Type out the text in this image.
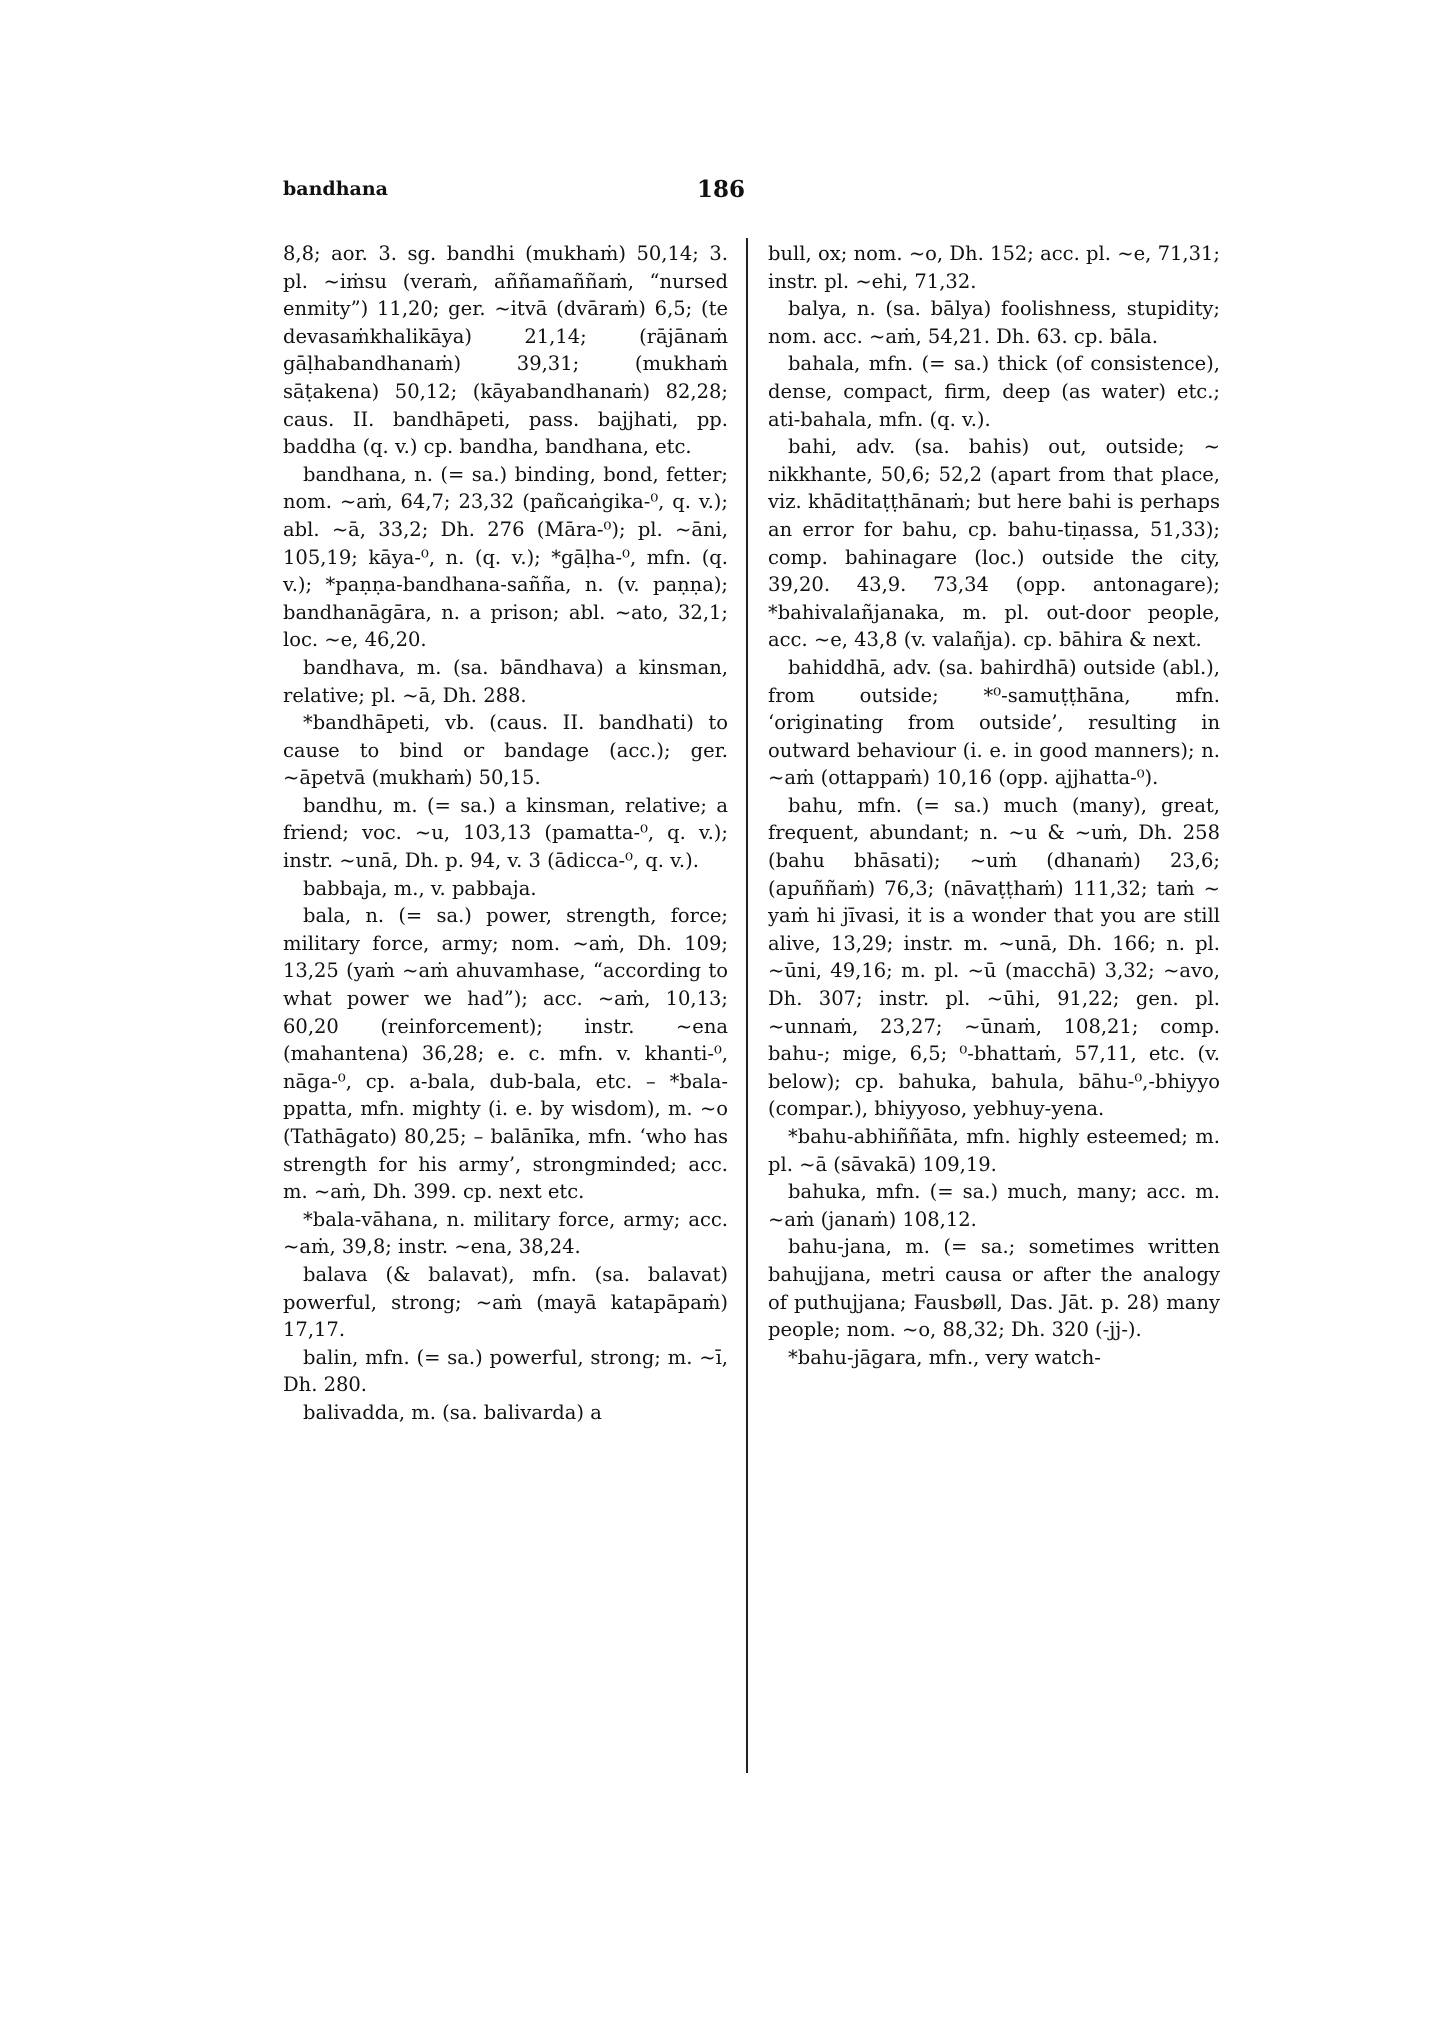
bandhana	186

8,8; aor. 3. sg. bandhi (mukhaṁ) 50,14; 3. pl. ~iṁsu (veraṁ, aññamaññaṁ, “nursed enmity”) 11,20; ger. ~itvā (dvāraṁ) 6,5; (te devasaṁkhalikāya) 21,14; (rājānaṁ gāḷhabandhanaṁ) 39,31; (mukhaṁ sāṭakena) 50,12; (kāyabandhanaṁ) 82,28; caus. II. bandhāpeti, pass. bajjhati, pp. baddha (q. v.) cp. bandha, bandhana, etc.

bandhana, n. (= sa.) binding, bond, fetter; nom. ~aṁ, 64,7; 23,32 (pañcaṅgika-⁰, q. v.); abl. ~ā, 33,2; Dh. 276 (Māra-⁰); pl. ~āni, 105,19; kāya-⁰, n. (q. v.); *gāḷha-⁰, mfn. (q. v.); *paṇṇa-bandhana-sañña, n. (v. paṇṇa); bandhanāgāra, n. a prison; abl. ~ato, 32,1; loc. ~e, 46,20.

bandhava, m. (sa. bāndhava) a kinsman, relative; pl. ~ā, Dh. 288.

*bandhāpeti, vb. (caus. II. bandhati) to cause to bind or bandage (acc.); ger. ~āpetvā (mukhaṁ) 50,15.

bandhu, m. (= sa.) a kinsman, relative; a friend; voc. ~u, 103,13 (pamatta-⁰, q. v.); instr. ~unā, Dh. p. 94, v. 3 (ādicca-⁰, q. v.).

babbaja, m., v. pabbaja.

bala, n. (= sa.) power, strength, force; military force, army; nom. ~aṁ, Dh. 109; 13,25 (yaṁ ~aṁ ahuvamhase, “according to what power we had”); acc. ~aṁ, 10,13; 60,20 (reinforcement); instr. ~ena (mahantena) 36,28; e. c. mfn. v. khanti-⁰, nāga-⁰, cp. a-bala, dub-bala, etc. – *bala-ppatta, mfn. mighty (i. e. by wisdom), m. ~o (Tathāgato) 80,25; – balānīka, mfn. ‘who has strength for his army’, strongminded; acc. m. ~aṁ, Dh. 399. cp. next etc.

*bala-vāhana, n. military force, army; acc. ~aṁ, 39,8; instr. ~ena, 38,24.

balava (& balavat), mfn. (sa. balavat) powerful, strong; ~aṁ (mayā katapāpaṁ) 17,17.

balin, mfn. (= sa.) powerful, strong; m. ~ī, Dh. 280.

balivadda, m. (sa. balivarda) a

bull, ox; nom. ~o, Dh. 152; acc. pl. ~e, 71,31; instr. pl. ~ehi, 71,32.

balya, n. (sa. bālya) foolishness, stupidity; nom. acc. ~aṁ, 54,21. Dh. 63. cp. bāla.

bahala, mfn. (= sa.) thick (of consistence), dense, compact, firm, deep (as water) etc.; ati-bahala, mfn. (q. v.).

bahi, adv. (sa. bahis) out, outside; ~ nikkhante, 50,6; 52,2 (apart from that place, viz. khāditaṭṭhānaṁ; but here bahi is perhaps an error for bahu, cp. bahu-tiṇassa, 51,33); comp. bahinagare (loc.) outside the city, 39,20. 43,9. 73,34 (opp. antonagare); *bahivalañjanaka, m. pl. out-door people, acc. ~e, 43,8 (v. valañja). cp. bāhira & next.

bahiddhā, adv. (sa. bahirdhā) outside (abl.), from outside; *⁰-samuṭṭhāna, mfn. ‘originating from outside’, resulting in outward behaviour (i. e. in good manners); n. ~aṁ (ottappaṁ) 10,16 (opp. ajjhatta-⁰).

bahu, mfn. (= sa.) much (many), great, frequent, abundant; n. ~u & ~uṁ, Dh. 258 (bahu bhāsati); ~uṁ (dhanaṁ) 23,6; (apuññaṁ) 76,3; (nāvaṭṭhaṁ) 111,32; taṁ ~ yaṁ hi jīvasi, it is a wonder that you are still alive, 13,29; instr. m. ~unā, Dh. 166; n. pl. ~ūni, 49,16; m. pl. ~ū (macchā) 3,32; ~avo, Dh. 307; instr. pl. ~ūhi, 91,22; gen. pl. ~unnaṁ, 23,27; ~ūnaṁ, 108,21; comp. bahu-; mige, 6,5; ⁰-bhattaṁ, 57,11, etc. (v. below); cp. bahuka, bahula, bāhu-⁰,-bhiyyo (compar.), bhiyyoso, yebhuy-yena.

*bahu-abhiññāta, mfn. highly esteemed; m. pl. ~ā (sāvakā) 109,19.

bahuka, mfn. (= sa.) much, many; acc. m. ~aṁ (janaṁ) 108,12.

bahu-jana, m. (= sa.; sometimes written bahujjana, metri causa or after the analogy of puthujjana; Fausbøll, Das. Jāt. p. 28) many people; nom. ~o, 88,32; Dh. 320 (-jj-).

*bahu-jāgara, mfn., very watch-
